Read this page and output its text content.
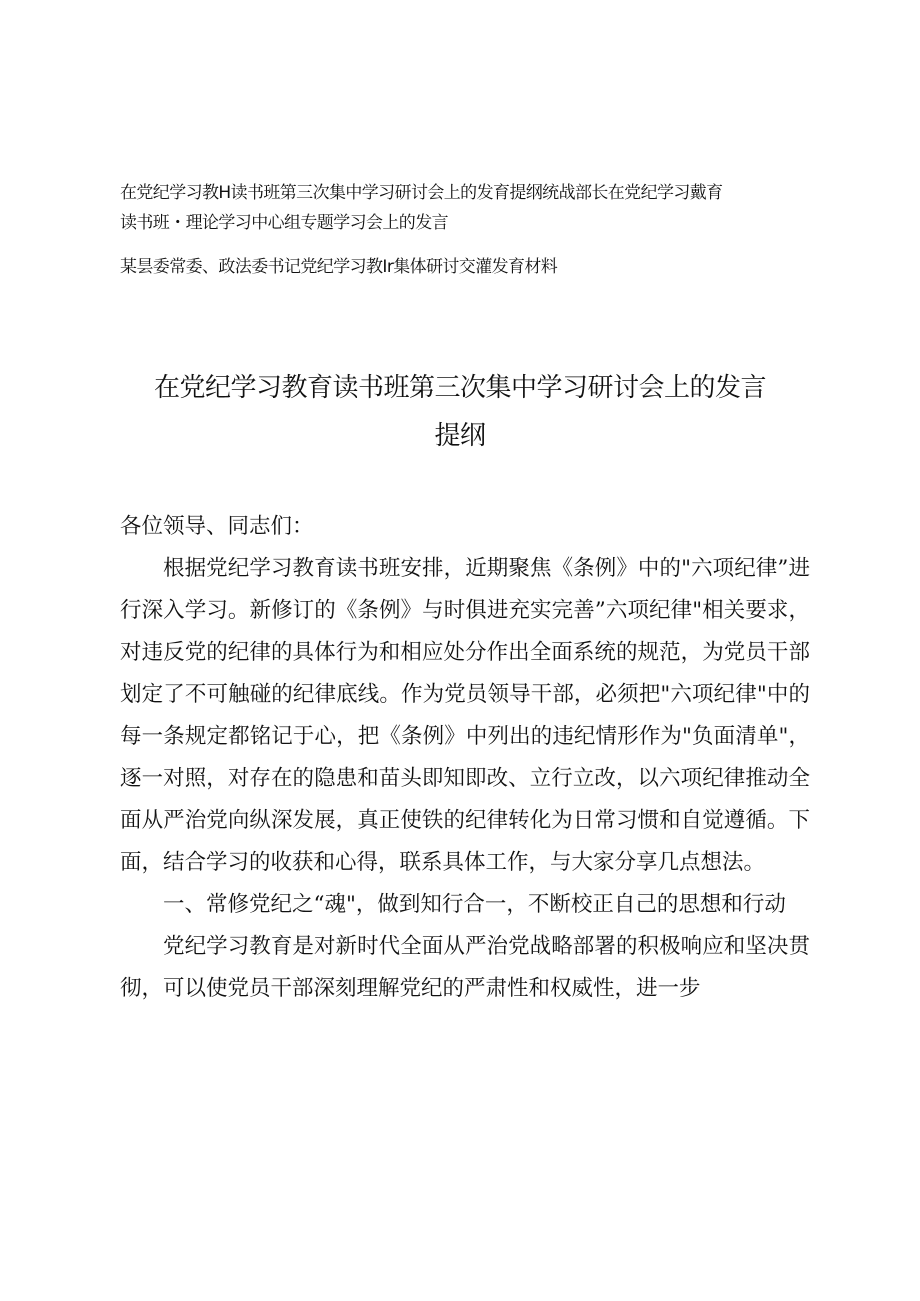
在党纪学习教H读书班第三次集中学习研讨会上的发育提纲统战部长在党纪学习戴育
读书班・理论学习中心组专题学习会上的发言
某昙委常委、政法委书记党纪学习教Ir集体研讨交灌发育材料
在党纪学习教育读书班第三次集中学习研讨会上的发言
提纲

各位领导、同志们：

根据党纪学习教育读书班安排，近期聚焦《条例》中的"六项纪律”进行深入学习。新修订的《条例》与时俱进充实完善”六项纪律"相关要求，对违反党的纪律的具体行为和相应处分作出全面系统的规范，为党员干部划定了不可触碰的纪律底线。作为党员领导干部，必须把"六项纪律"中的每一条规定都铭记于心，把《条例》中列出的违纪情形作为"负面清单"，逐一对照，对存在的隐患和苗头即知即改、立行立改，以六项纪律推动全面从严治党向纵深发展，真正使铁的纪律转化为日常习惯和自觉遵循。下面，结合学习的收获和心得，联系具体工作，与大家分享几点想法。

一、常修党纪之“魂"，做到知行合一，不断校正自己的思想和行动

党纪学习教育是对新时代全面从严治党战略部署的积极响应和坚决贯彻，可以使党员干部深刻理解党纪的严肃性和权威性，进一步
